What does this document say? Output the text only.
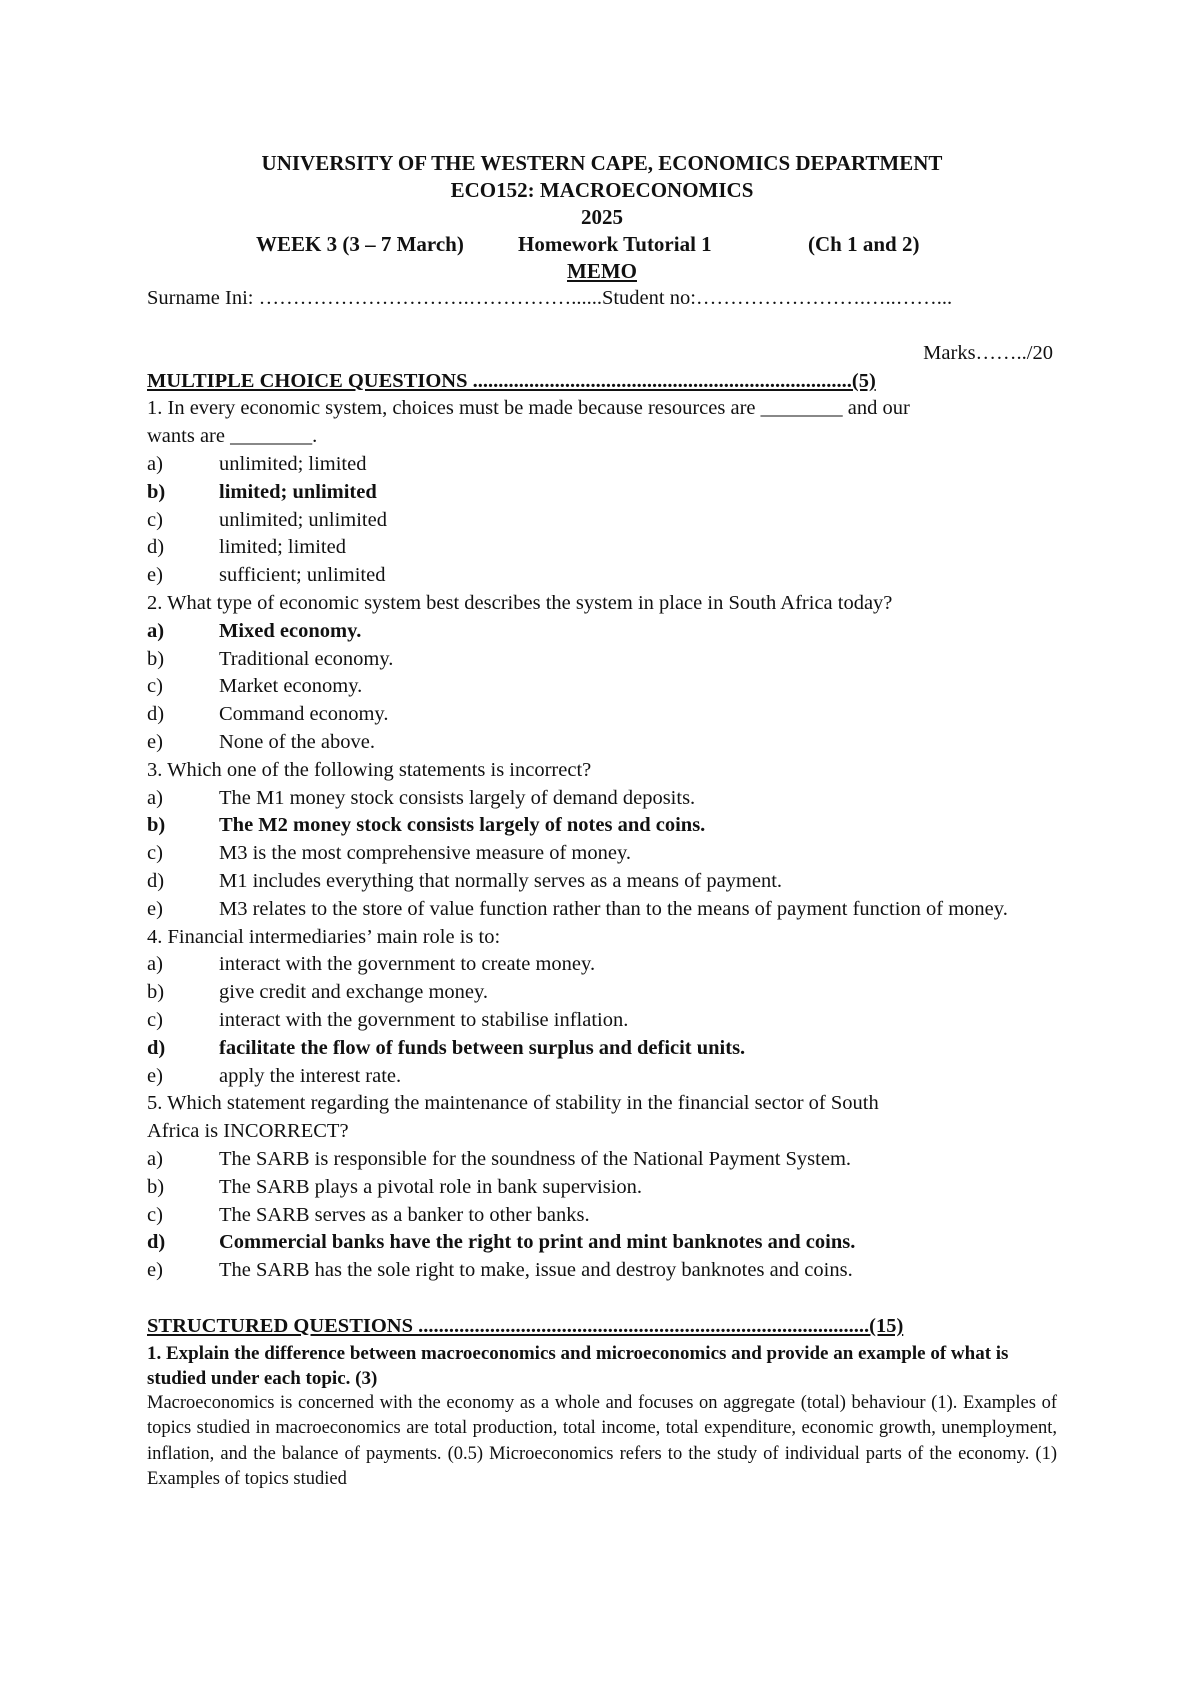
UNIVERSITY OF THE WESTERN CAPE, ECONOMICS DEPARTMENT
ECO152: MACROECONOMICS
2025
WEEK 3 (3 – 7 March)	Homework Tutorial 1	(Ch 1 and 2)
MEMO
Surname Ini: ………………………….……………......Student no:…………………….…..……...
Marks……../20
MULTIPLE CHOICE QUESTIONS ..........................................................................(5)
1. In every economic system, choices must be made because resources are ________ and our
wants are ________.
a)	unlimited; limited
b)	limited; unlimited
c)	unlimited; unlimited
d)	limited; limited
e)	sufficient; unlimited
2. What type of economic system best describes the system in place in South Africa today?
a)	Mixed economy.
b)	Traditional economy.
c)	Market economy.
d)	Command economy.
e)	None of the above.
3. Which one of the following statements is incorrect?
a)	The M1 money stock consists largely of demand deposits.
b)	The M2 money stock consists largely of notes and coins.
c)	M3 is the most comprehensive measure of money.
d)	M1 includes everything that normally serves as a means of payment.
e)	M3 relates to the store of value function rather than to the means of payment function of money.
4. Financial intermediaries’ main role is to:
a)	interact with the government to create money.
b)	give credit and exchange money.
c)	interact with the government to stabilise inflation.
d)	facilitate the flow of funds between surplus and deficit units.
e)	apply the interest rate.
5. Which statement regarding the maintenance of stability in the financial sector of South
Africa is INCORRECT?
a)	The SARB is responsible for the soundness of the National Payment System.
b)	The SARB plays a pivotal role in bank supervision.
c)	The SARB serves as a banker to other banks.
d)	Commercial banks have the right to print and mint banknotes and coins.
e)	The SARB has the sole right to make, issue and destroy banknotes and coins.
STRUCTURED QUESTIONS ........................................................................................(15)
1. Explain the difference between macroeconomics and microeconomics and provide an example of what is studied under each topic. (3)
Macroeconomics is concerned with the economy as a whole and focuses on aggregate (total) behaviour (1). Examples of topics studied in macroeconomics are total production, total income, total expenditure, economic growth, unemployment, inflation, and the balance of payments. (0.5) Microeconomics refers to the study of individual parts of the economy. (1) Examples of topics studied
